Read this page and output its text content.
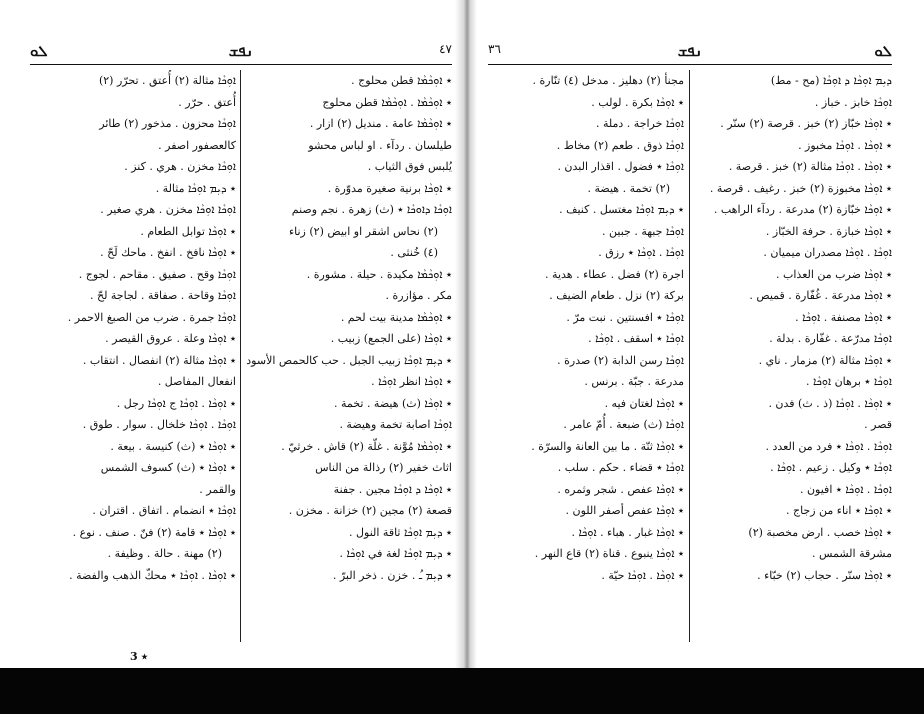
ܠܘ	ܢܦܫ	٤٧
ܐܘܼܟܵܐ مثالة (٢) أُعتق . تحرّر (٢)
أُعتق . حرّر .
ܐܘܼܟܵܐ محزون . مذخور (٢) طائر
كالعصفور اصفر .
ܐܘܼܟܵܐ مخزن . هري . كنز .
٭ ܕܝܼܡ ܐܘܼܟܵܐ مثالة .
ܐܘܼܟܵܐ ܐܘܼܟܵܐ مخزن . هري صغير .
٭ ܐܘܼܟܵܐ توابل الطعام .
٭ ܐܘܼܟܵܐ نافخ . انفخ . ماحك لَحّ .
ܐܘܼܟܵܐ وقح . صفيق . مقاحم . لجوج .
ܐܘܼܟܵܐ وقاحة . صفاقة . لجاجة لحّ .
ܐܘܼܟܵܐ جمرة . ضرب من الصبغ الاحمر .
٭ ܐܘܼܟܵܐ وعلة . عروق القيصر .
٭ ܐܘܼܟܵܐ مثالة (٢) انفصال . انتقاب .
انفعال المفاصل .
٭ ܐܘܼܟܵܐ . ܐܘܼܟܵܐ ج ܐܘܼܟܵܐ رجل .
ܐܘܼܟܵܐ . ܐܘܼܟܵܐ خلخال . سوار . طوق .
٭ ܐܘܼܟܵܐ ٭ (ث) كنيسة . بيعة .
٭ ܐܘܼܟܵܐ ٭ (ث) كسوف الشمس
والقمر .
ܐܘܼܟܵܐ ٭ انضمام . اتفاق . اقتران .
٭ ܐܘܼܟܵܐ ٭ قامة (٢) فنّ . صنف . نوع .
(٢) مهنة . حالة . وظيفة .
٭ ܐܘܼܟܵܐ . ܐܘܼܟܵܐ ٭ محكّ الذهب والفضة .
٭ ܐܘܼܟܵܡܵܐ قطن محلوج .
٭ ܐܘܼܟܵܡܵܐ . ܐܘܼܟܵܡܵܐ قطن محلوج
٭ ܐܘܼܟܵܡܵܐ عامة . منديل (٢) ازار .
طيلسان . ردآء . او لباس محشو
يُلبس فوق الثياب .
٭ ܐܘܼܟܵܐ برنية صغيرة مدوّرة .
ܐܘܼܟܵܐ ܕܐܘܟܵܐ ٭ (ث) زهرة . نجم وصنم
(٢) نحاس اشقر او ابيض (٢) زناء
(٤) خُنثى .
٭ ܐܘܼܟܵܡܵܐ مكيدة . حيلة . مشورة .
مكر . مؤازرة .
٭ ܐܘܼܟܵܡܵܐ مدينة بيت لحم .
٭ ܐܘܼܟܵܐ (على الجمع) زبيب .
٭ ܕܝܼܡ ܐܘܼܟܵܐ زبيب الجبل . حب كالحمص الأسود
٭ ܐܘܼܟܵܐ انظر ܐܘܼܟܵܐ .
٭ ܐܘܼܟܵܐ (ث) هيضة . تخمة .
ܐܘܼܟܵܐ اصابة تخمة وهيضة .
٭ ܐܘܼܟܵܡܵܐ مُوَّنة . غلّة (٢) قاش . خرثيّ .
اثاث خفير (٢) رذالة من الناس
٭ ܐܘܼܟܵܐ ܕ ܐܘܼܟܵܐ مجين . جفنة
قصعة (٢) مجين (٢) خزانة . مخزن .
٭ ܕܝܼܡ ܐܘܼܟܵܐ ثاقة النول .
٭ ܕܝܼܡ ܐܘܼܟܵܐ لغة في ܐܘܼܟܵܐ .
٭ ܕܝܼܡ ـُ . خزن . ذخر البرّ .
٭ 3
٣٦	ܢܦܫ	ܠܘ
مجنأ (٢) دهليز . مدخل (٤) تنّارة .
٭ ܐܘܼܟܵܐ بكرة . لولب .
ܐܘܼܟܵܐ خراجة . دملة .
ܐܘܼܟܵܐ ذوق . طعم (٢) مخاط .
ܐܘܼܟܵܐ ٭ فضول . اقذار البدن .
(٢) تخمة . هيضة .
٭ ܕܝܼܡ ܐܘܼܟܵܐ مغتسل . كنيف .
ܐܘܼܟܵܐ جبهة . جبين .
ܐܘܼܟܵܐ . ܐܘܼܟܵܐ ٭ رزق .
اجرة (٢) فضل . عطاء . هدية .
بركة (٢) نزل . طعام الضيف .
ܐܘܼܟܵܐ ٭ افسنتين . نبت مرّ .
ܐܘܼܟܵܐ ٭ اسقف . ܐܘܼܟܵܐ .
ܐܘܼܟܵܐ رسن الدابة (٢) صدرة .
مدرعة . جبّة . برنس .
٭ ܐܘܼܟܵܐ لغتان فيه .
ܐܘܼܟܵܐ (ث) ضبعة . أُمّ عامر .
٭ ܐܘܼܟܵܐ ثنّة . ما بين العانة والسرّة .
ܐܘܼܟܵܐ ٭ قضاء . حكم . سلب .
٭ ܐܘܼܟܵܐ عفص . شجر وثمره .
٭ ܐܘܼܟܵܐ عفص أصفر اللون .
٭ ܐܘܼܟܵܐ غبار . هباء . ܐܘܼܟܵܐ .
٭ ܐܘܼܟܵܐ ينبوع . قناة (٢) قاع النهر .
٭ ܐܘܼܟܵܐ . ܐܘܼܟܵܐ حيّة .
ܕܝܼܡ ܐܘܼܟܵܐ ܕ ܐܘܼܟܵܐ (مح - مط)
ܐܘܼܟܵܐ خابز . خباز .
٭ ܐܘܼܟܵܐ خبّاز (٢) خبز . قرصة (٢) سنّر .
٭ ܐܘܼܟܵܐ . ܐܘܼܟܵܐ مخبوز .
٭ ܐܘܼܟܵܐ . ܐܘܼܟܵܐ مثالة (٢) خبز . قرصة .
٭ ܐܘܼܟܵܐ مخبوزة (٢) خبز . رغيف . قرصة .
٭ ܐܘܼܟܵܐ خبّازة (٢) مدرعة . ردآء الراهب .
٭ ܐܘܼܟܵܐ خبازة . حرفة الخبّاز .
ܐܘܼܟܵܐ . ܐܘܼܟܵܐ مصدران ميميان .
٭ ܐܘܼܟܵܐ ضرب من العذاب .
٭ ܐܘܼܟܵܐ مدرعة . غُفّارة . قميص .
٭ ܐܘܼܟܵܐ مصنفة . ܐܘܼܟܵܐ .
ܐܘܼܟܵܐ مدرّعة . غفّارة . بدلة .
٭ ܐܘܼܟܵܐ مثالة (٢) مزمار . ناي .
ܐܘܼܟܵܐ ٭ برهان ܐܘܼܟܵܐ .
٭ ܐܘܼܟܵܐ . ܐܘܼܟܵܐ (ذ . ث) فدن .
قصر .
ܐܘܼܟܵܐ . ܐܘܼܟܵܐ ٭ فرد من العدد .
ܐܘܼܟܵܐ ٭ وكيل . زعيم . ܐܘܼܟܵܐ .
ܐܘܼܟܵܐ . ܐܘܼܟܵܐ ٭ افيون .
٭ ܐܘܼܟܵܐ ٭ اناء من زجاج .
٭ ܐܘܼܟܵܐ خصب . ارض مخصبة (٢)
مشرقة الشمس .
٭ ܐܘܼܟܵܐ سنّر . حجاب (٢) خبّاء .
